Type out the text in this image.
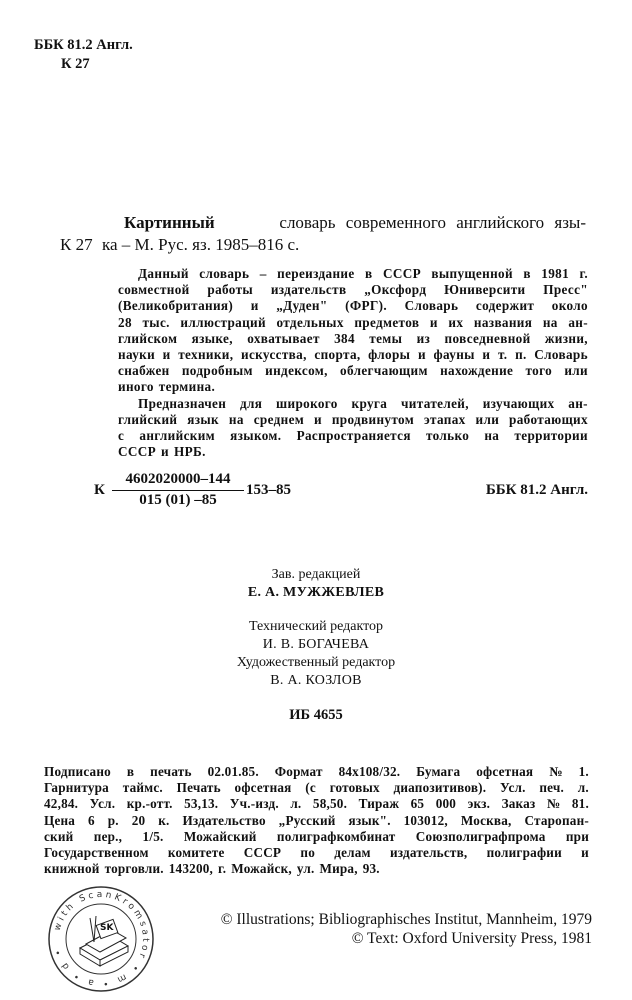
ББК 81.2 Англ.
К 27
Картинный	словарь современного английского язы-
К 27 ка – М. Рус. яз. 1985–816 с.
Данный словарь – переиздание в СССР выпущенной в 1981 г.
совместной работы издательств „Оксфорд Юниверсити Пресс"
(Великобритания) и „Дуден" (ФРГ). Словарь содержит около
28 тыс. иллюстраций отдельных предметов и их названия на ан-
глийском языке, охватывает 384 темы из повседневной жизни,
науки и техники, искусства, спорта, флоры и фауны и т. п. Словарь
снабжен подробным индексом, облегчающим нахождение того или
иного термина.
Предназначен для широкого круга читателей, изучающих ан-
глийский язык на среднем и продвинутом этапах или работающих
с английским языком. Распространяется только на территории
СССР и НРБ.
К $\frac{4602020000-144}{015 (01) -85} 153-85$	ББК 81.2 Англ.
Зав. редакцией
Е. А. МУЖЖЕВЛЕВ
Технический редактор
И. В. БОГАЧЕВА
Художественный редактор
В. А. КОЗЛОВ
ИБ 4655
Подписано в печать 02.01.85. Формат 84x108/32. Бумага офсетная № 1.
Гарнитура таймс. Печать офсетная (с готовых диапозитивов). Усл. печ. л.
42,84. Усл. кр.-отт. 53,13. Уч.-изд. л. 58,50. Тираж 65 000 экз. Заказ № 81.
Цена 6 р. 20 к. Издательство „Русский язык". 103012, Москва, Старопан-
ский пер., 1/5. Можайский полиграфкомбинат Союзполиграфпрома при
Государственном комитете СССР по делам издательств, полиграфии и
книжной торговли. 143200, г. Можайск, ул. Мира, 93.
with ScanKromsator • m • a • d •
SK	© Illustrations; Bibliographisches Institut, Mannheim, 1979
© Text: Oxford University Press, 1981
